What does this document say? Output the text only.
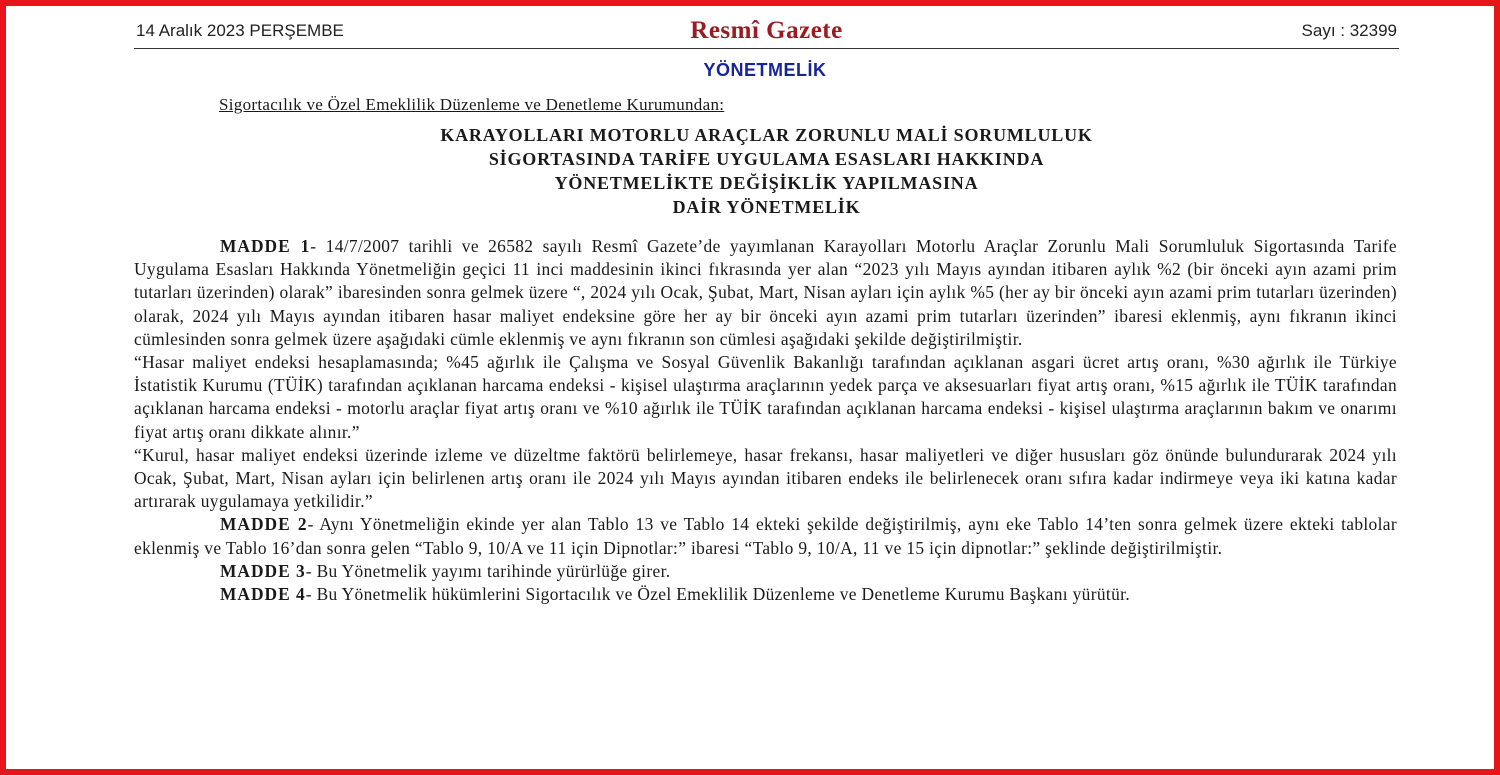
14 Aralık 2023 PERŞEMBE	Resmî Gazete	Sayı : 32399
YÖNETMELİK
Sigortacılık ve Özel Emeklilik Düzenleme ve Denetleme Kurumundan:
KARAYOLLARI MOTORLU ARAÇLAR ZORUNLU MALİ SORUMLULUK
SİGORTASINDA TARİFE UYGULAMA ESASLARI HAKKINDA
YÖNETMELİKTE DEĞİŞİKLİK YAPILMASINA
DAİR YÖNETMELİK

MADDE 1- 14/7/2007 tarihli ve 26582 sayılı Resmî Gazete’de yayımlanan Karayolları Motorlu Araçlar Zorunlu Mali Sorumluluk Sigortasında Tarife Uygulama Esasları Hakkında Yönetmeliğin geçici 11 inci maddesinin ikinci fıkrasında yer alan “2023 yılı Mayıs ayından itibaren aylık %2 (bir önceki ayın azami prim tutarları üzerinden) olarak” ibaresinden sonra gelmek üzere “, 2024 yılı Ocak, Şubat, Mart, Nisan ayları için aylık %5 (her ay bir önceki ayın azami prim tutarları üzerinden) olarak, 2024 yılı Mayıs ayından itibaren hasar maliyet endeksine göre her ay bir önceki ayın azami prim tutarları üzerinden” ibaresi eklenmiş, aynı fıkranın ikinci cümlesinden sonra gelmek üzere aşağıdaki cümle eklenmiş ve aynı fıkranın son cümlesi aşağıdaki şekilde değiştirilmiştir.

“Hasar maliyet endeksi hesaplamasında; %45 ağırlık ile Çalışma ve Sosyal Güvenlik Bakanlığı tarafından açıklanan asgari ücret artış oranı, %30 ağırlık ile Türkiye İstatistik Kurumu (TÜİK) tarafından açıklanan harcama endeksi - kişisel ulaştırma araçlarının yedek parça ve aksesuarları fiyat artış oranı, %15 ağırlık ile TÜİK tarafından açıklanan harcama endeksi - motorlu araçlar fiyat artış oranı ve %10 ağırlık ile TÜİK tarafından açıklanan harcama endeksi - kişisel ulaştırma araçlarının bakım ve onarımı fiyat artış oranı dikkate alınır.”

“Kurul, hasar maliyet endeksi üzerinde izleme ve düzeltme faktörü belirlemeye, hasar frekansı, hasar maliyetleri ve diğer hususları göz önünde bulundurarak 2024 yılı Ocak, Şubat, Mart, Nisan ayları için belirlenen artış oranı ile 2024 yılı Mayıs ayından itibaren endeks ile belirlenecek oranı sıfıra kadar indirmeye veya iki katına kadar artırarak uygulamaya yetkilidir.”

MADDE 2- Aynı Yönetmeliğin ekinde yer alan Tablo 13 ve Tablo 14 ekteki şekilde değiştirilmiş, aynı eke Tablo 14’ten sonra gelmek üzere ekteki tablolar eklenmiş ve Tablo 16’dan sonra gelen “Tablo 9, 10/A ve 11 için Dipnotlar:” ibaresi “Tablo 9, 10/A, 11 ve 15 için dipnotlar:” şeklinde değiştirilmiştir.

MADDE 3- Bu Yönetmelik yayımı tarihinde yürürlüğe girer.

MADDE 4- Bu Yönetmelik hükümlerini Sigortacılık ve Özel Emeklilik Düzenleme ve Denetleme Kurumu Başkanı yürütür.
